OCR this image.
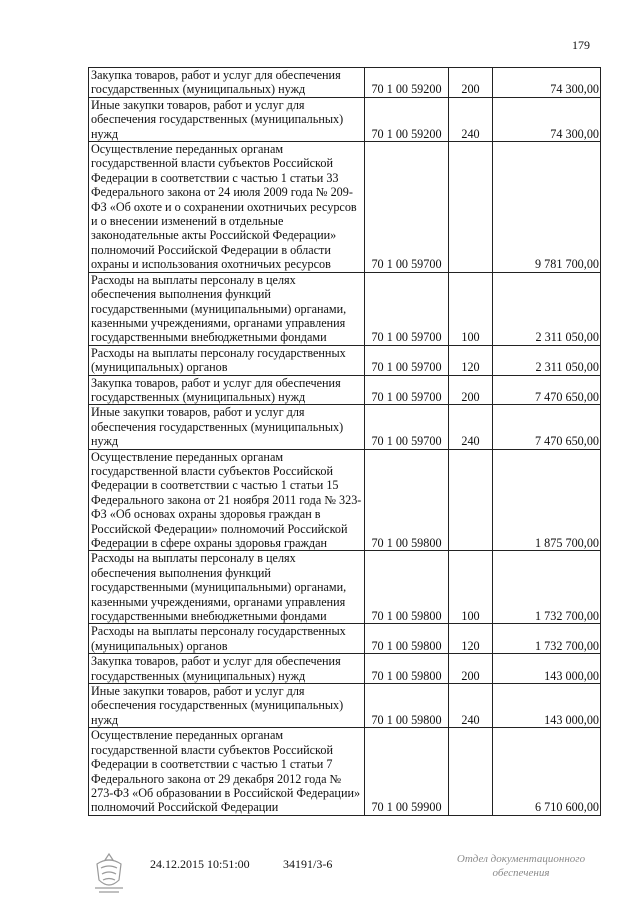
179
Закупка товаров, работ и услуг для обеспечения государственных (муниципальных) нужд	70 1 00 59200	200	74 300,00
Иные закупки товаров, работ и услуг для обеспечения государственных (муниципальных) нужд	70 1 00 59200	240	74 300,00
Осуществление переданных органам государственной власти субъектов Российской Федерации в соответствии с частью 1 статьи 33 Федерального закона от 24 июля 2009 года № 209-ФЗ «Об охоте и о сохранении охотничьих ресурсов и о внесении изменений в отдельные законодательные акты Российской Федерации» полномочий Российской Федерации в области охраны и использования охотничьих ресурсов	70 1 00 59700		9 781 700,00
Расходы на выплаты персоналу в целях обеспечения выполнения функций государственными (муниципальными) органами, казенными учреждениями, органами управления государственными внебюджетными фондами	70 1 00 59700	100	2 311 050,00
Расходы на выплаты персоналу государственных (муниципальных) органов	70 1 00 59700	120	2 311 050,00
Закупка товаров, работ и услуг для обеспечения государственных (муниципальных) нужд	70 1 00 59700	200	7 470 650,00
Иные закупки товаров, работ и услуг для обеспечения государственных (муниципальных) нужд	70 1 00 59700	240	7 470 650,00
Осуществление переданных органам государственной власти субъектов Российской Федерации в соответствии с частью 1 статьи 15 Федерального закона от 21 ноября 2011 года № 323-ФЗ «Об основах охраны здоровья граждан в Российской Федерации» полномочий Российской Федерации в сфере охраны здоровья граждан	70 1 00 59800		1 875 700,00
Расходы на выплаты персоналу в целях обеспечения выполнения функций государственными (муниципальными) органами, казенными учреждениями, органами управления государственными внебюджетными фондами	70 1 00 59800	100	1 732 700,00
Расходы на выплаты персоналу государственных (муниципальных) органов	70 1 00 59800	120	1 732 700,00
Закупка товаров, работ и услуг для обеспечения государственных (муниципальных) нужд	70 1 00 59800	200	143 000,00
Иные закупки товаров, работ и услуг для обеспечения государственных (муниципальных) нужд	70 1 00 59800	240	143 000,00
Осуществление переданных органам государственной власти субъектов Российской Федерации в соответствии с частью 1 статьи 7 Федерального закона от 29 декабря 2012 года № 273-ФЗ «Об образовании в Российской Федерации» полномочий Российской Федерации	70 1 00 59900		6 710 600,00
24.12.2015 10:51:00	34191/3-6	Отдел документационного
обеспечения
